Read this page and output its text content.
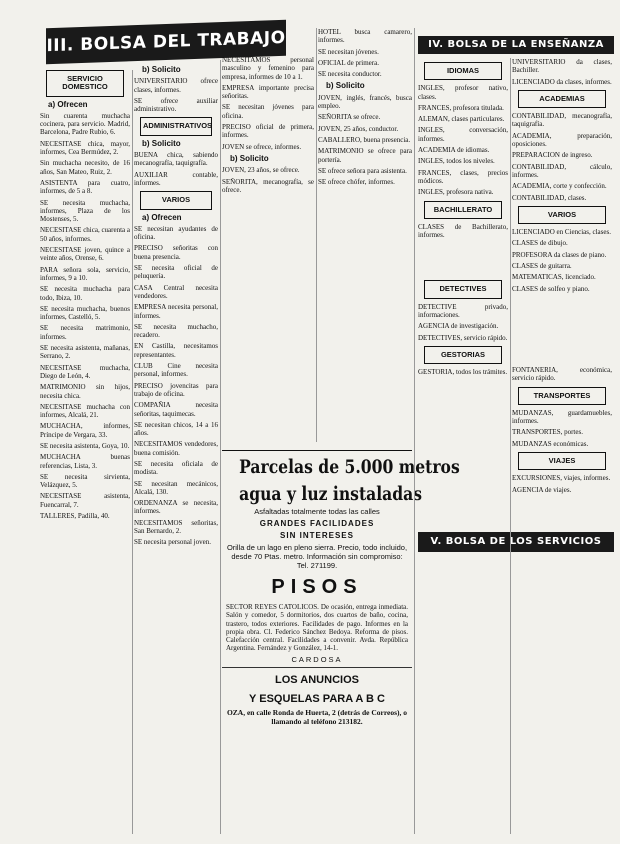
III. BOLSA DEL TRABAJO	IV. BOLSA DE LA ENSEÑANZA
V. BOLSA DE LOS SERVICIOS
SERVICIO DOMESTICO
a) Ofrecen

Sin cuarenta muchacha cocinera, para servicio. Madrid, Barcelona, Padre Rubio, 6.

NECESITASE chica, mayor, informes, Cea Bermúdez, 2.

Sin muchacha necesito, de 16 años, San Mateo, Ruiz, 2.

ASISTENTA para cuatro, informes, de 5 a 8.

SE necesita muchacha, informes, Plaza de los Mostenses, 5.

NECESITASE chica, cuarenta a 50 años, informes.

NECESITASE joven, quince a veinte años, Orense, 6.

PARA señora sola, servicio, informes, 9 a 10.

SE necesita muchacha para todo, Ibiza, 10.

SE necesita muchacha, buenos informes, Castelló, 5.

SE necesita matrimonio, informes.

SE necesita asistenta, mañanas, Serrano, 2.

NECESITASE muchacha, Diego de León, 4.

MATRIMONIO sin hijos, necesita chica.

NECESITASE muchacha con informes, Alcalá, 21.

MUCHACHA, informes, Príncipe de Vergara, 33.

SE necesita asistenta, Goya, 10.

MUCHACHA buenas referencias, Lista, 3.

SE necesita sirvienta, Velázquez, 5.

NECESITASE asistenta, Fuencarral, 7.

TALLERES, Padilla, 40.

b) Solicito

UNIVERSITARIO ofrece clases, informes.

SE ofrece auxiliar administrativo.

ADMINISTRATIVOS
b) Solicito

BUENA chica, sabiendo mecanografía, taquigrafía.

AUXILIAR contable, informes.

VARIOS
a) Ofrecen

SE necesitan ayudantes de oficina.

PRECISO señoritas con buena presencia.

SE necesita oficial de peluquería.

CASA Central necesita vendedores.

EMPRESA necesita personal, informes.

SE necesita muchacho, recadero.

EN Castilla, necesitamos representantes.

CLUB Cine necesita personal, informes.

PRECISO jovencitas para trabajo de oficina.

COMPAÑIA necesita señoritas, taquimecas.

SE necesitan chicos, 14 a 16 años.

NECESITAMOS vendedores, buena comisión.

SE necesita oficiala de modista.

SE necesitan mecánicos, Alcalá, 130.

ORDENANZA se necesita, informes.

NECESITAMOS señoritas, San Bernardo, 2.

SE necesita personal joven.

NECESITAMOS personal masculino y femenino para empresa, informes de 10 a 1.

EMPRESA importante precisa señoritas.

SE necesitan jóvenes para oficina.

PRECISO oficial de primera, informes.

JOVEN se ofrece, informes.

b) Solicito

JOVEN, 23 años, se ofrece.

SEÑORITA, mecanografía, se ofrece.

HOTEL busca camarero, informes.

SE necesitan jóvenes.

OFICIAL de primera.

SE necesita conductor.

b) Solicito

JOVEN, inglés, francés, busca empleo.

SEÑORITA se ofrece.

JOVEN, 25 años, conductor.

CABALLERO, buena presencia.

MATRIMONIO se ofrece para portería.

SE ofrece señora para asistenta.

SE ofrece chófer, informes.

Parcelas de 5.000 metros
agua y luz instaladas
Asfaltadas totalmente todas las calles
GRANDES FACILIDADES
SIN INTERESES
Orilla de un lago en pleno sierra. Precio, todo incluido, desde 70 Ptas. metro. Información sin compromiso: Tel. 271199.
PISOS
SECTOR REYES CATOLICOS. De ocasión, entrega inmediata. Salón y comedor, 5 dormitorios, dos cuartos de baño, cocina, trastero, todos exteriores. Facilidades de pago. Informes en la propia obra. Cl. Federico Sánchez Bedoya. Reforma de pisos. Calefacción central. Facilidades a convenir. Avda. República Argentina. Fernández y González, 14-1.
CARDOSA
LOS ANUNCIOS
Y ESQUELAS PARA A B C
OZA, en calle Ronda de Huerta, 2 (detrás de Correos), o llamando al teléfono 213182.
IDIOMAS

INGLES, profesor nativo, clases.

FRANCES, profesora titulada.

ALEMAN, clases particulares.

INGLES, conversación, informes.

ACADEMIA de idiomas.

INGLES, todos los niveles.

FRANCES, clases, precios módicos.

INGLES, profesora nativa.

BACHILLERATO

CLASES de Bachillerato, informes.

DETECTIVES

DETECTIVE privado, informaciones.

AGENCIA de investigación.

DETECTIVES, servicio rápido.

GESTORIAS

GESTORIA, todos los trámites.

UNIVERSITARIO da clases, Bachiller.

LICENCIADO da clases, informes.

ACADEMIAS

CONTABILIDAD, mecanografía, taquigrafía.

ACADEMIA, preparación, oposiciones.

PREPARACION de ingreso.

CONTABILIDAD, cálculo, informes.

ACADEMIA, corte y confección.

CONTABILIDAD, clases.

VARIOS

LICENCIADO en Ciencias, clases.

CLASES de dibujo.

PROFESORA da clases de piano.

CLASES de guitarra.

MATEMATICAS, licenciado.

CLASES de solfeo y piano.

FONTANERIA, económica, servicio rápido.

TRANSPORTES

MUDANZAS, guardamuebles, informes.

TRANSPORTES, portes.

MUDANZAS económicas.

VIAJES

EXCURSIONES, viajes, informes.

AGENCIA de viajes.
